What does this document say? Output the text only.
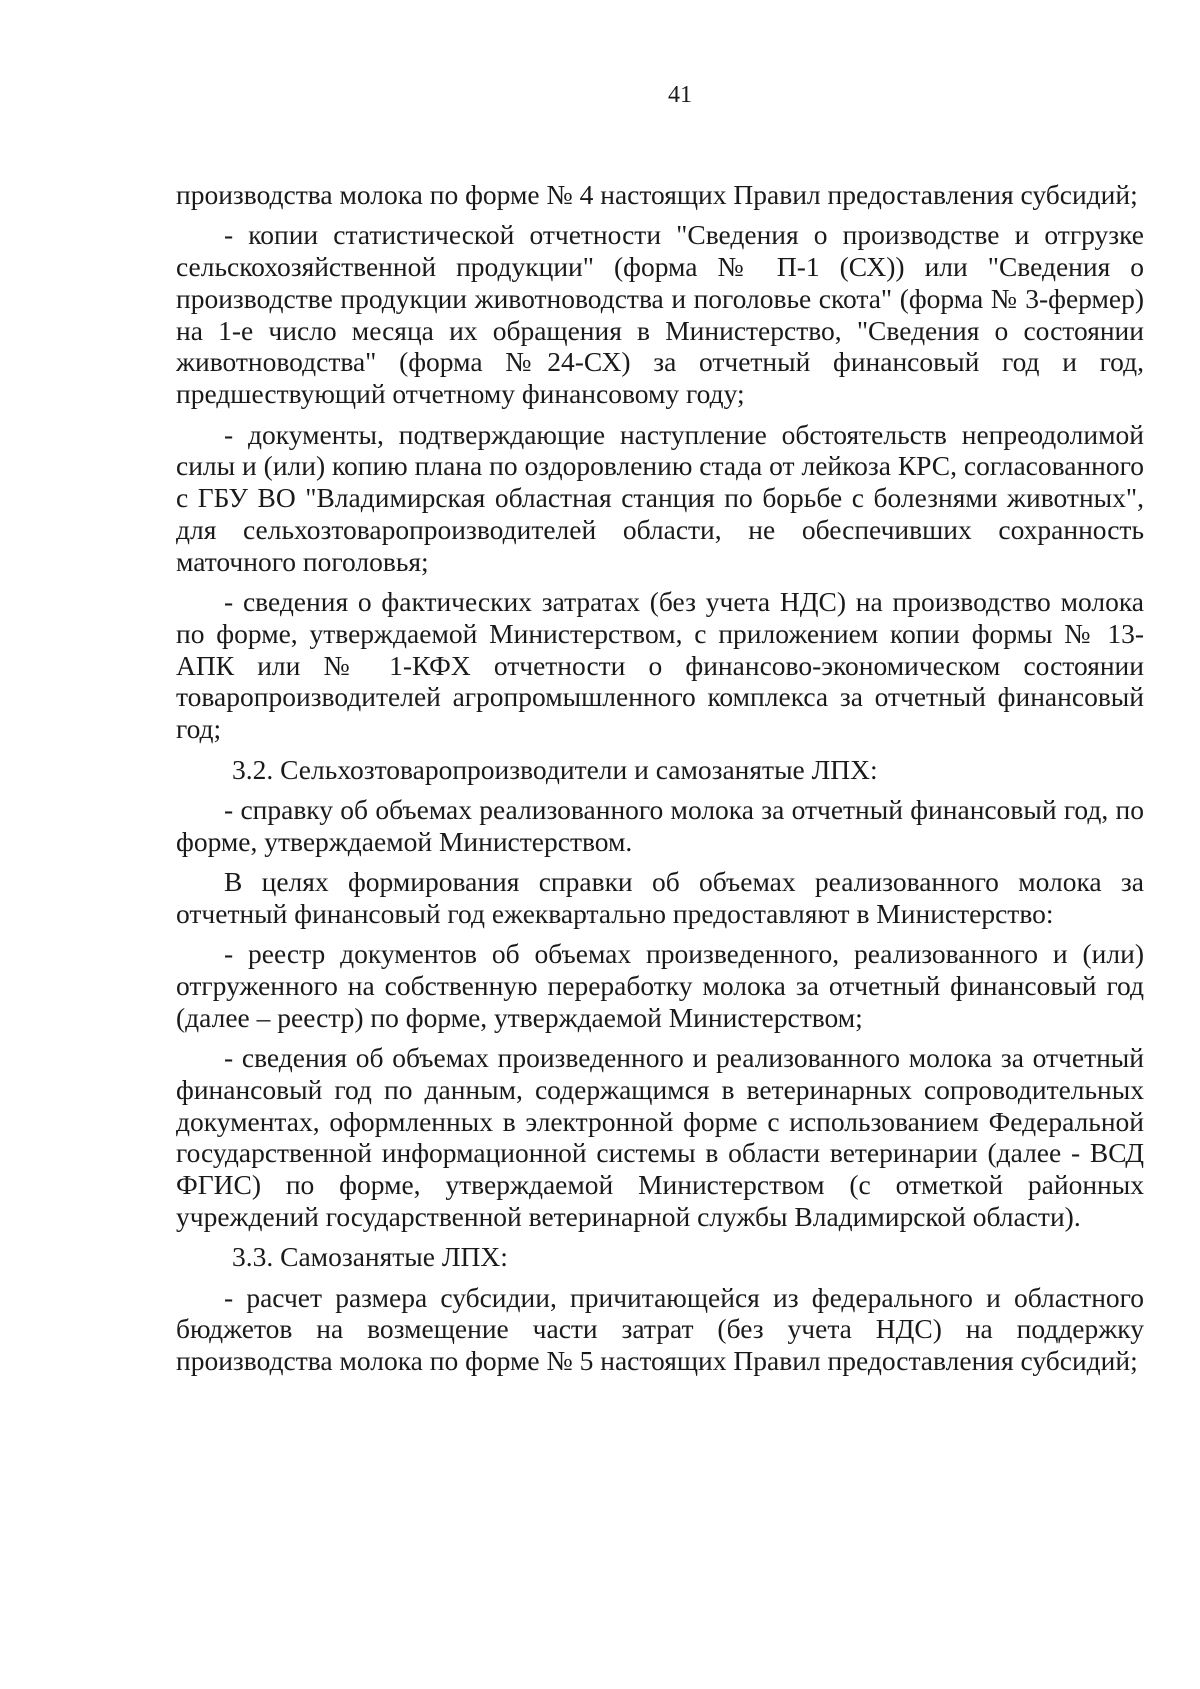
41

производства молока по форме № 4 настоящих Правил предоставления субсидий;

- копии статистической отчетности "Сведения о производстве и отгрузке сельскохозяйственной продукции" (форма № П-1 (СХ)) или "Сведения о производстве продукции животноводства и поголовье скота" (форма № 3-фермер) на 1-е число месяца их обращения в Министерство, "Сведения о состоянии животноводства" (форма №24-СХ) за отчетный финансовый год и год, предшествующий отчетному финансовому году;

- документы, подтверждающие наступление обстоятельств непреодолимой силы и (или) копию плана по оздоровлению стада от лейкоза КРС, согласованного с ГБУ ВО "Владимирская областная станция по борьбе с болезнями животных", для сельхозтоваропроизводителей области, не обеспечивших сохранность маточного поголовья;

- сведения о фактических затратах (без учета НДС) на производство молока по форме, утверждаемой Министерством, с приложением копии формы № 13-АПК или № 1-КФХ отчетности о финансово-экономическом состоянии товаропроизводителей агропромышленного комплекса за отчетный финансовый год;

3.2. Сельхозтоваропроизводители и самозанятые ЛПХ:

- справку об объемах реализованного молока за отчетный финансовый год, по форме, утверждаемой Министерством.

В целях формирования справки об объемах реализованного молока за отчетный финансовый год ежеквартально предоставляют в Министерство:

- реестр документов об объемах произведенного, реализованного и (или) отгруженного на собственную переработку молока за отчетный финансовый год (далее – реестр) по форме, утверждаемой Министерством;

- сведения об объемах произведенного и реализованного молока за отчетный финансовый год по данным, содержащимся в ветеринарных сопроводительных документах, оформленных в электронной форме с использованием Федеральной государственной информационной системы в области ветеринарии (далее - ВСД ФГИС) по форме, утверждаемой Министерством (с отметкой районных учреждений государственной ветеринарной службы Владимирской области).

3.3. Самозанятые ЛПХ:

- расчет размера субсидии, причитающейся из федерального и областного бюджетов на возмещение части затрат (без учета НДС) на поддержку производства молока по форме № 5 настоящих Правил предоставления субсидий;
